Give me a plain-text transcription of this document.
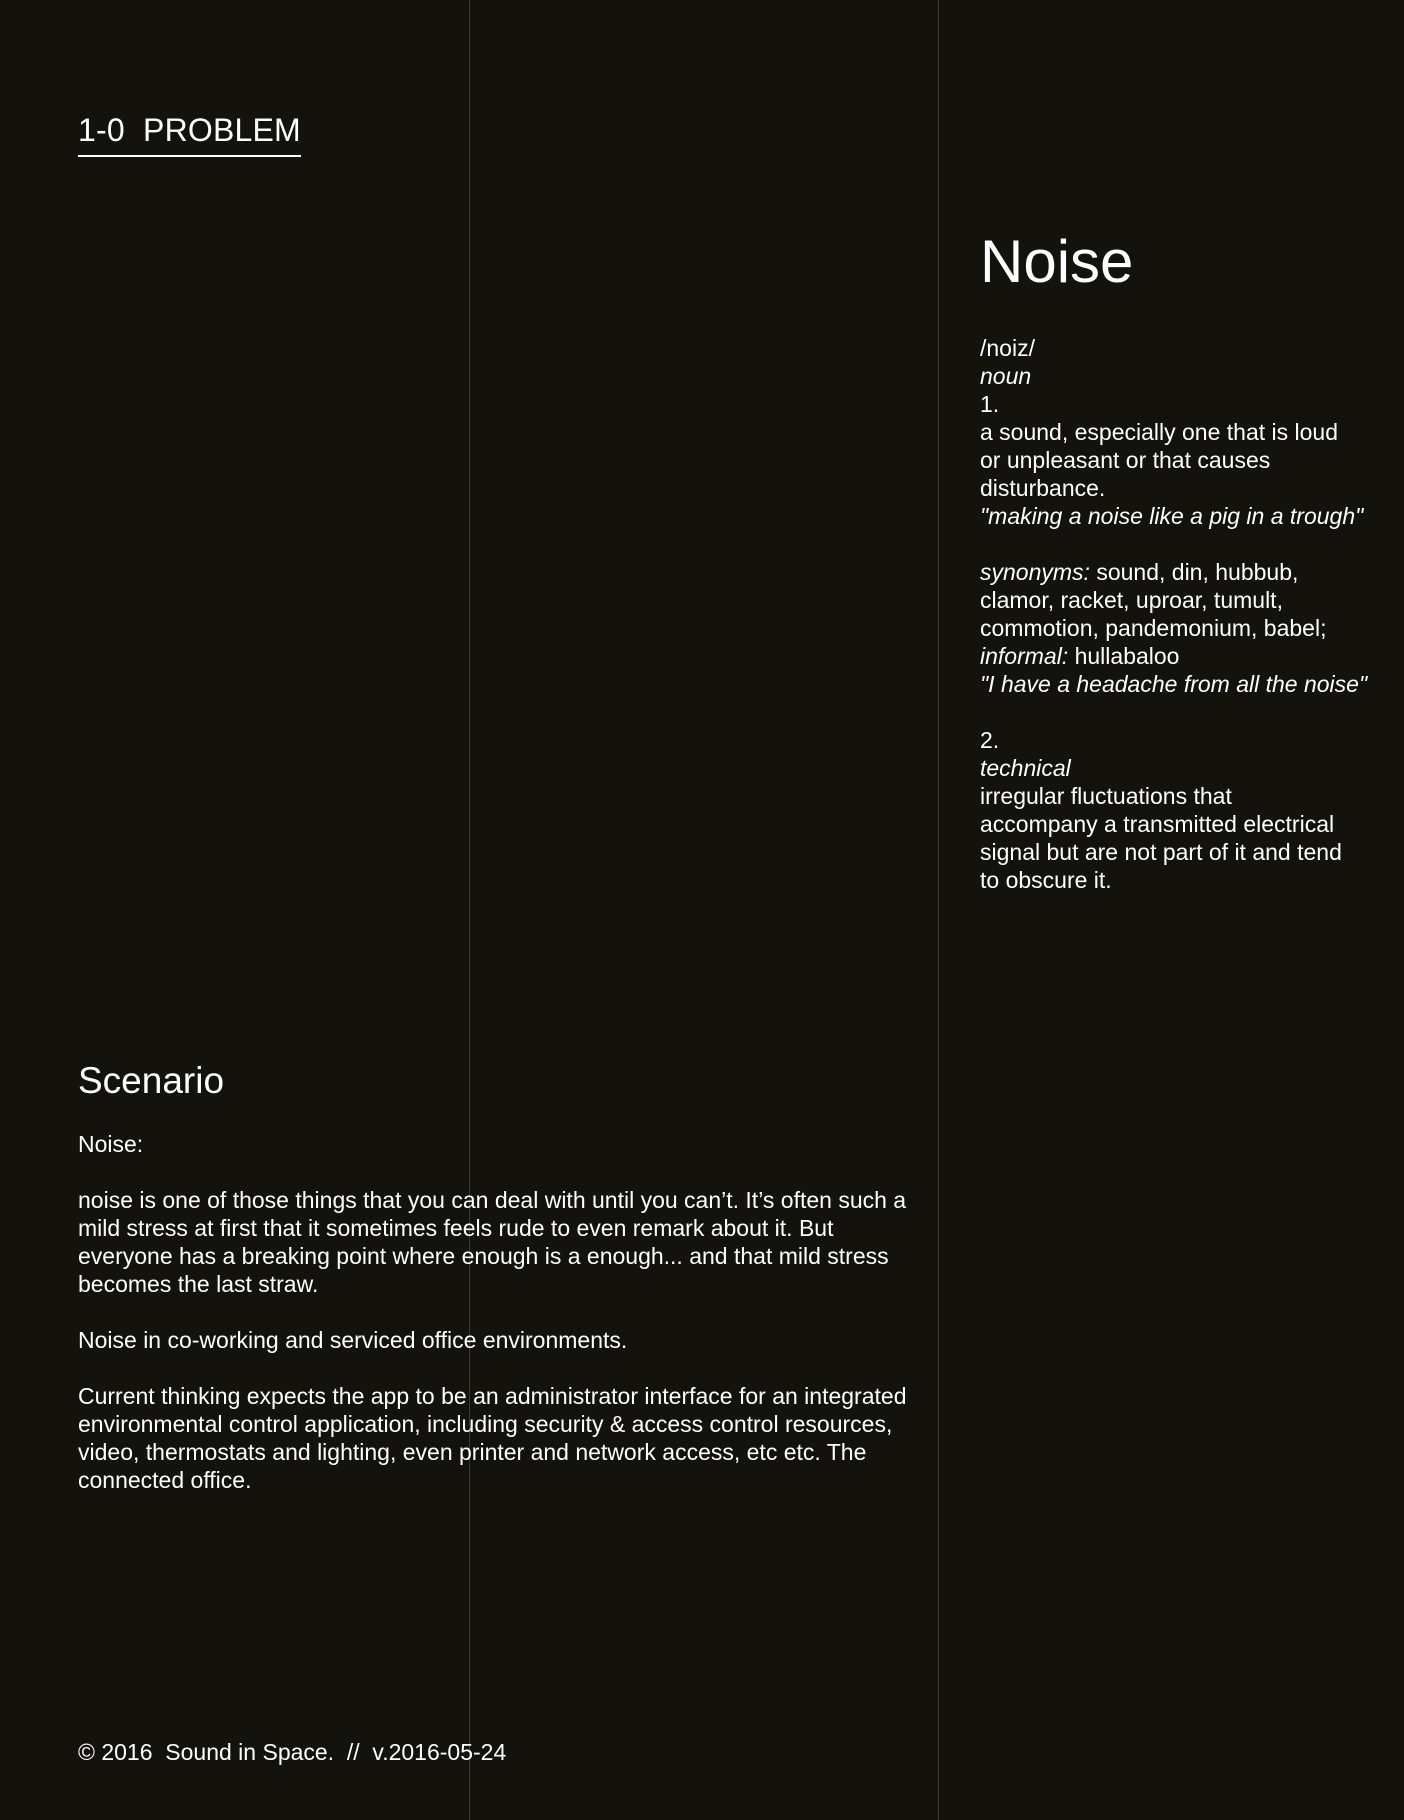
1-0  PROBLEM
Noise
/noiz/
noun
1.
a sound, especially one that is loud
or unpleasant or that causes
disturbance.
"making a noise like a pig in a trough"
synonyms: sound, din, hubbub,
clamor, racket, uproar, tumult,
commotion, pandemonium, babel;
informal: hullabaloo
"I have a headache from all the noise"
2.
technical
irregular fluctuations that
accompany a transmitted electrical
signal but are not part of it and tend
to obscure it.
Scenario

Noise:

noise is one of those things that you can deal with until you can’t. It’s often such a mild stress at first that it sometimes feels rude to even remark about it. But everyone has a breaking point where enough is a enough... and that mild stress becomes the last straw.

Noise in co-working and serviced office environments.

Current thinking expects the app to be an administrator interface for an integrated environmental control application, including security & access control resources, video, thermostats and lighting, even printer and network access, etc etc. The connected office.

© 2016  Sound in Space.  //  v.2016-05-24
